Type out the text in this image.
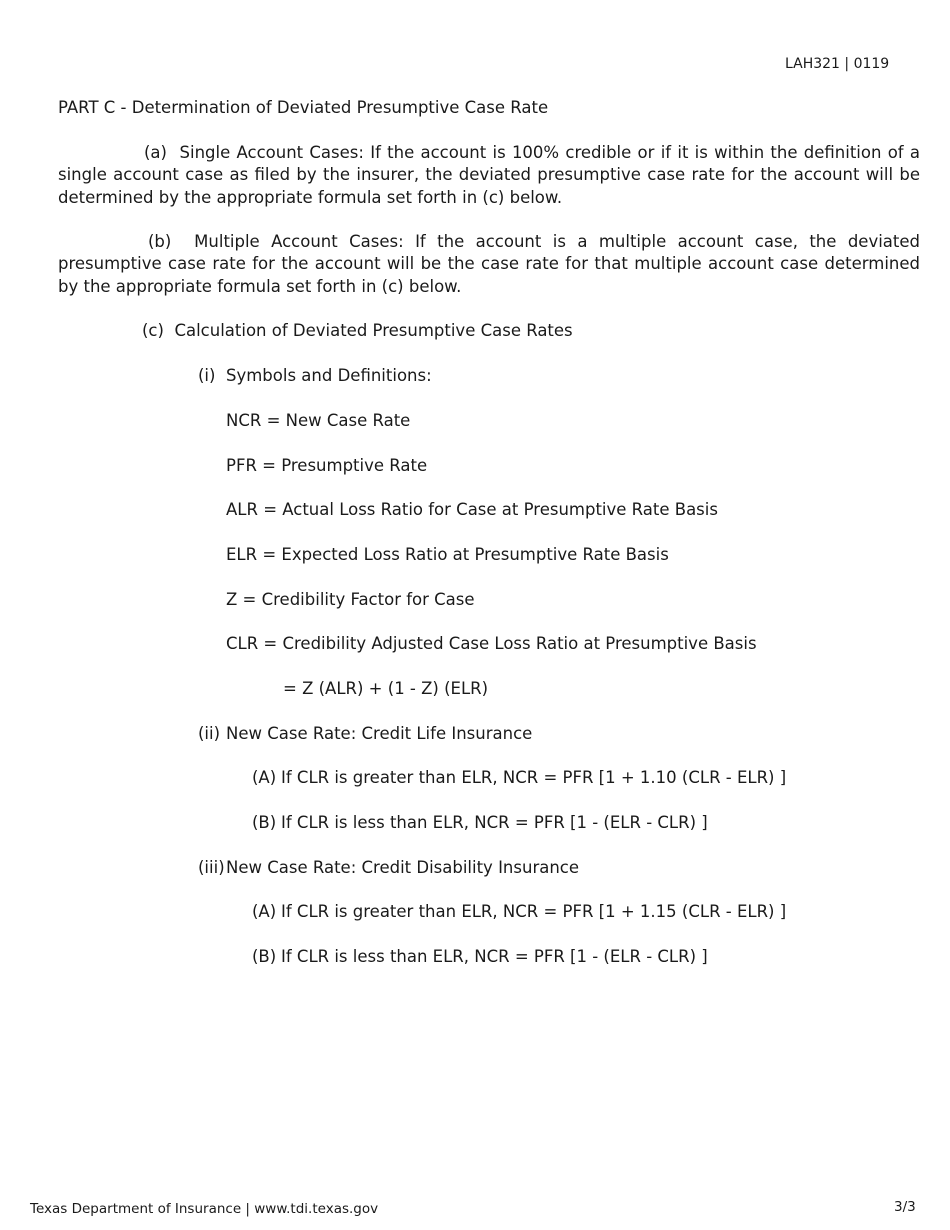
LAH321 | 0119
PART C - Determination of Deviated Presumptive Case Rate
(a) Single Account Cases: If the account is 100% credible or if it is within the definition of a single account case as filed by the insurer, the deviated presumptive case rate for the account will be determined by the appropriate formula set forth in (c) below.
(b) Multiple Account Cases: If the account is a multiple account case, the deviated presumptive case rate for the account will be the case rate for that multiple account case determined by the appropriate formula set forth in (c) below.
(c) Calculation of Deviated Presumptive Case Rates
(i) Symbols and Definitions:
NCR = New Case Rate
PFR = Presumptive Rate
ALR = Actual Loss Ratio for Case at Presumptive Rate Basis
ELR = Expected Loss Ratio at Presumptive Rate Basis
Z = Credibility Factor for Case
CLR = Credibility Adjusted Case Loss Ratio at Presumptive Basis
= Z (ALR) + (1 - Z) (ELR)
(ii) New Case Rate: Credit Life Insurance
(A) If CLR is greater than ELR, NCR = PFR [1 + 1.10 (CLR - ELR) ]
(B) If CLR is less than ELR, NCR = PFR [1 - (ELR - CLR) ]
(iii)New Case Rate: Credit Disability Insurance
(A) If CLR is greater than ELR, NCR = PFR [1 + 1.15 (CLR - ELR) ]
(B) If CLR is less than ELR, NCR = PFR [1 - (ELR - CLR) ]
Texas Department of Insurance | www.tdi.texas.gov	3/3
